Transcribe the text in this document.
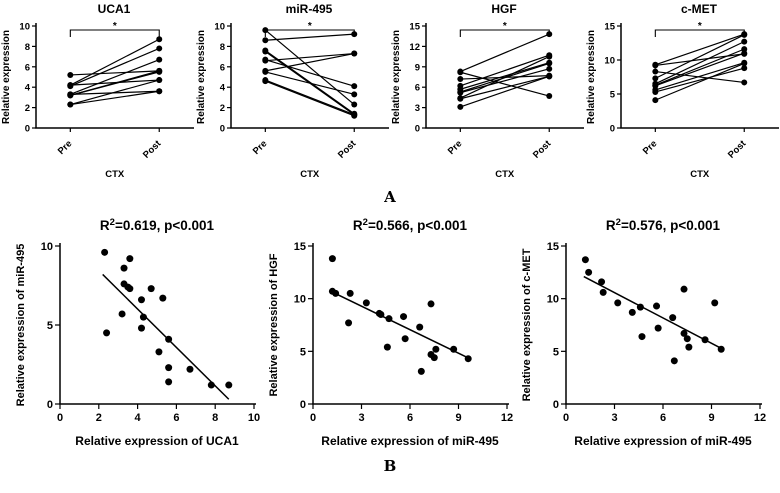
UCA1
0
2
4
6
8
10
Pre	Post
CTX
Relative expression
*
miR-495
0
2
4
6
8
10
Pre	Post
CTX
Relative expression
*
HGF
0
3
6
9
12
15
Pre	Post
CTX
Relative expression
*
c-MET
0
5
10
15
Pre	Post
CTX
Relative expression
*
A
$R^2=0.619$, p<0.001
0
5
10
0	2	4	6	8	10
Relative expression of UCA1
Relative expression of miR-495
$R^2=0.566$, p<0.001
0
5
10
15
0	3	6	9	12
Relative expression of miR-495
Relative expression of HGF
$R^2=0.576$, p<0.001
0
5
10
15
0	3	6	9	12
Relative expression of miR-495
Relative expression of c-MET
B
